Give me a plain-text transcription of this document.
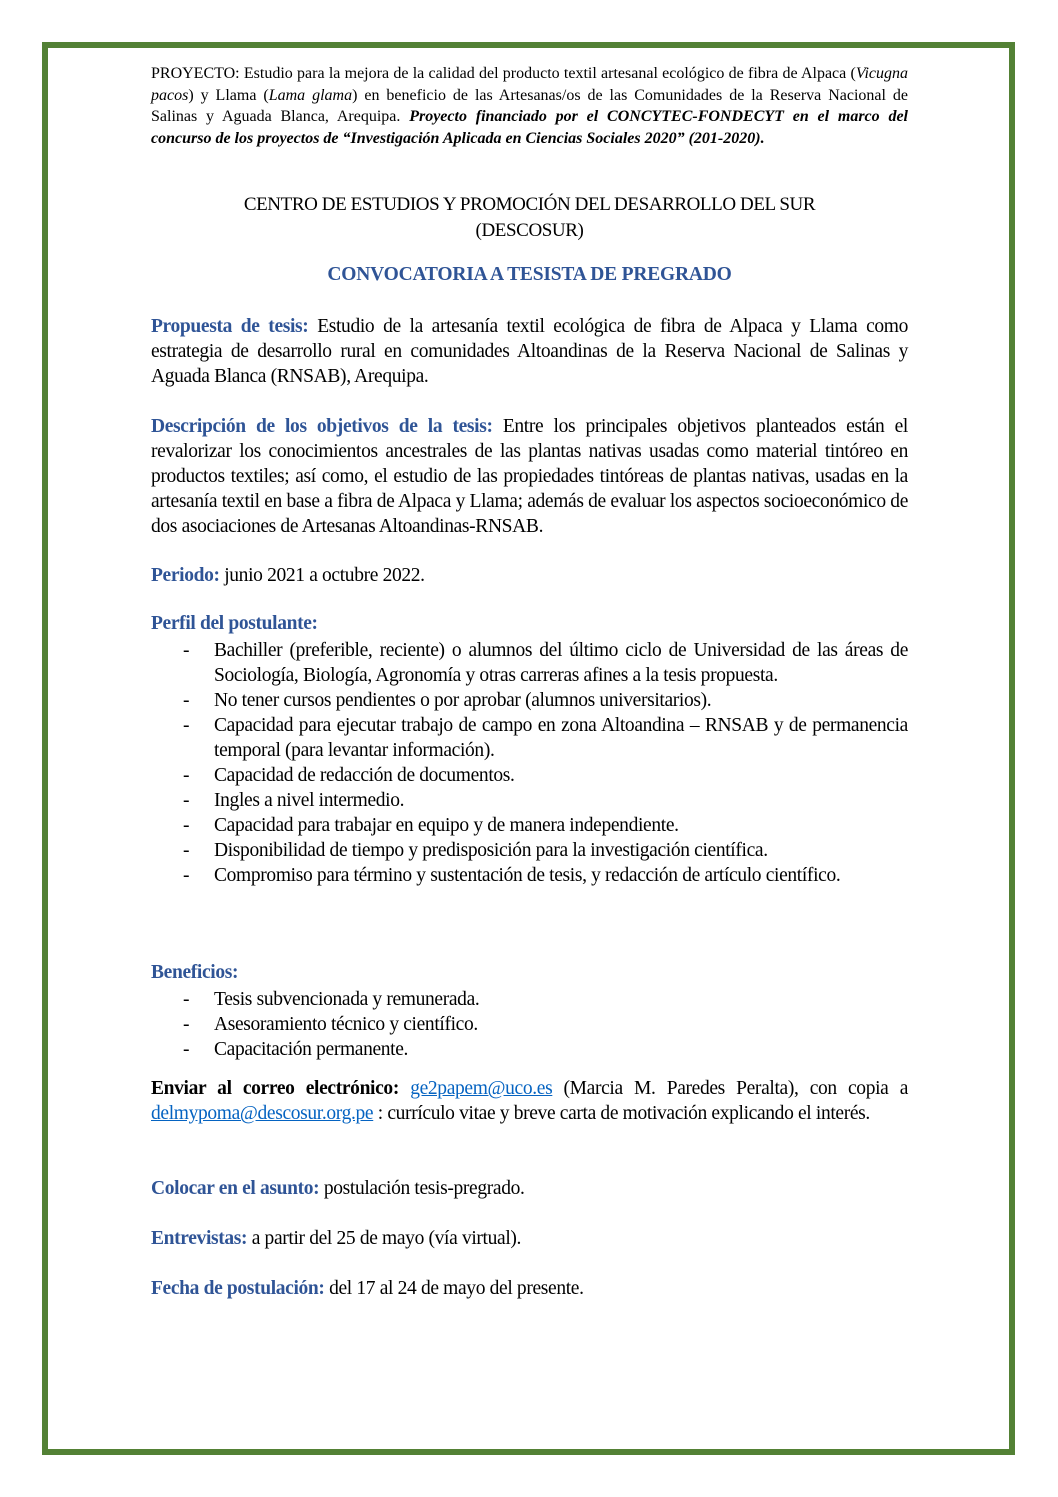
PROYECTO: Estudio para la mejora de la calidad del producto textil artesanal ecológico de fibra de Alpaca (Vicugna pacos) y Llama (Lama glama) en beneficio de las Artesanas/os de las Comunidades de la Reserva Nacional de Salinas y Aguada Blanca, Arequipa. Proyecto financiado por el CONCYTEC-FONDECYT en el marco del concurso de los proyectos de “Investigación Aplicada en Ciencias Sociales 2020” (201-2020).
CENTRO DE ESTUDIOS Y PROMOCIÓN DEL DESARROLLO DEL SUR
(DESCOSUR)
CONVOCATORIA A TESISTA DE PREGRADO
Propuesta de tesis: Estudio de la artesanía textil ecológica de fibra de Alpaca y Llama como estrategia de desarrollo rural en comunidades Altoandinas de la Reserva Nacional de Salinas y Aguada Blanca (RNSAB), Arequipa.
Descripción de los objetivos de la tesis: Entre los principales objetivos planteados están el revalorizar los conocimientos ancestrales de las plantas nativas usadas como material tintóreo en productos textiles; así como, el estudio de las propiedades tintóreas de plantas nativas, usadas en la artesanía textil en base a fibra de Alpaca y Llama; además de evaluar los aspectos socioeconómico de dos asociaciones de Artesanas Altoandinas-RNSAB.
Periodo: junio 2021 a octubre 2022.
Perfil del postulante:
- Bachiller (preferible, reciente) o alumnos del último ciclo de Universidad de las áreas de Sociología, Biología, Agronomía y otras carreras afines a la tesis propuesta.
- No tener cursos pendientes o por aprobar (alumnos universitarios).
- Capacidad para ejecutar trabajo de campo en zona Altoandina – RNSAB y de permanencia temporal (para levantar información).
- Capacidad de redacción de documentos.
- Ingles a nivel intermedio.
- Capacidad para trabajar en equipo y de manera independiente.
- Disponibilidad de tiempo y predisposición para la investigación científica.
- Compromiso para término y sustentación de tesis, y redacción de artículo científico.
Beneficios:
- Tesis subvencionada y remunerada.
- Asesoramiento técnico y científico.
- Capacitación permanente.
Enviar al correo electrónico: ge2papem@uco.es (Marcia M. Paredes Peralta), con copia a delmypoma@descosur.org.pe : currículo vitae y breve carta de motivación explicando el interés.
Colocar en el asunto: postulación tesis-pregrado.
Entrevistas: a partir del 25 de mayo (vía virtual).
Fecha de postulación: del 17 al 24 de mayo del presente.
